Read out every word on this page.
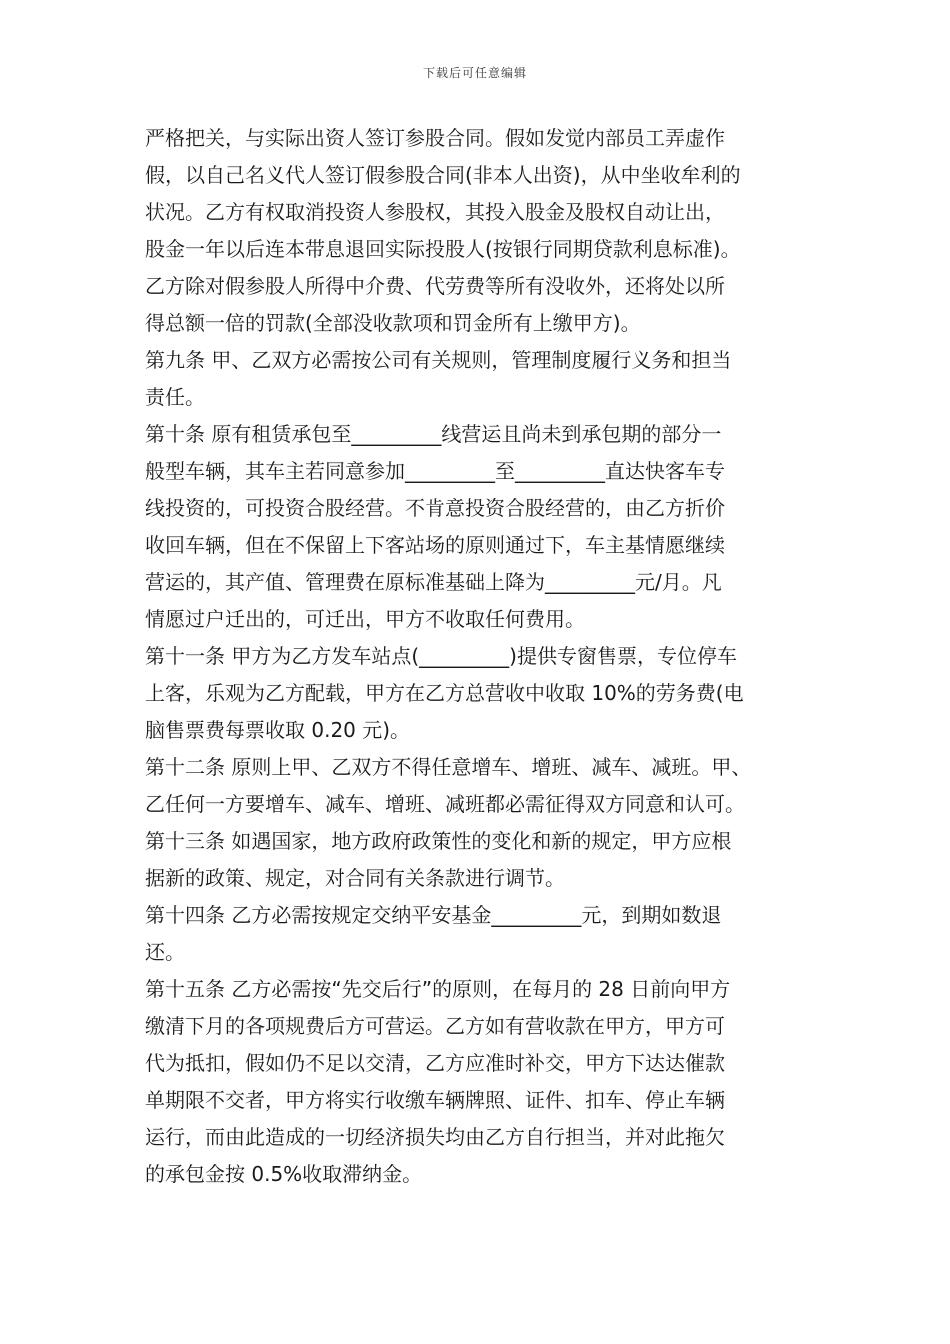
下载后可任意编辑
严格把关，与实际出资人签订参股合同。假如发觉内部员工弄虚作
假，以自己名义代人签订假参股合同(非本人出资)，从中坐收牟利的
状况。乙方有权取消投资人参股权，其投入股金及股权自动让出，
股金一年以后连本带息退回实际投股人(按银行同期贷款利息标准)。
乙方除对假参股人所得中介费、代劳费等所有没收外，还将处以所
得总额一倍的罚款(全部没收款项和罚金所有上缴甲方)。
第九条 甲、乙双方必需按公司有关规则，管理制度履行义务和担当
责任。
第十条 原有租赁承包至_________线营运且尚未到承包期的部分一
般型车辆，其车主若同意参加_________至_________直达快客车专
线投资的，可投资合股经营。不肯意投资合股经营的，由乙方折价
收回车辆，但在不保留上下客站场的原则通过下，车主基情愿继续
营运的，其产值、管理费在原标准基础上降为_________元/月。凡
情愿过户迁出的，可迁出，甲方不收取任何费用。
第十一条 甲方为乙方发车站点(_________)提供专窗售票，专位停车
上客，乐观为乙方配载，甲方在乙方总营收中收取 10%的劳务费(电
脑售票费每票收取 0.20 元)。
第十二条 原则上甲、乙双方不得任意增车、增班、减车、减班。甲、
乙任何一方要增车、减车、增班、减班都必需征得双方同意和认可。
第十三条 如遇国家，地方政府政策性的变化和新的规定，甲方应根
据新的政策、规定，对合同有关条款进行调节。
第十四条 乙方必需按规定交纳平安基金_________元，到期如数退
还。
第十五条 乙方必需按“先交后行”的原则，在每月的 28 日前向甲方
缴清下月的各项规费后方可营运。乙方如有营收款在甲方，甲方可
代为抵扣，假如仍不足以交清，乙方应准时补交，甲方下达达催款
单期限不交者，甲方将实行收缴车辆牌照、证件、扣车、停止车辆
运行，而由此造成的一切经济损失均由乙方自行担当，并对此拖欠
的承包金按 0.5%收取滞纳金。
